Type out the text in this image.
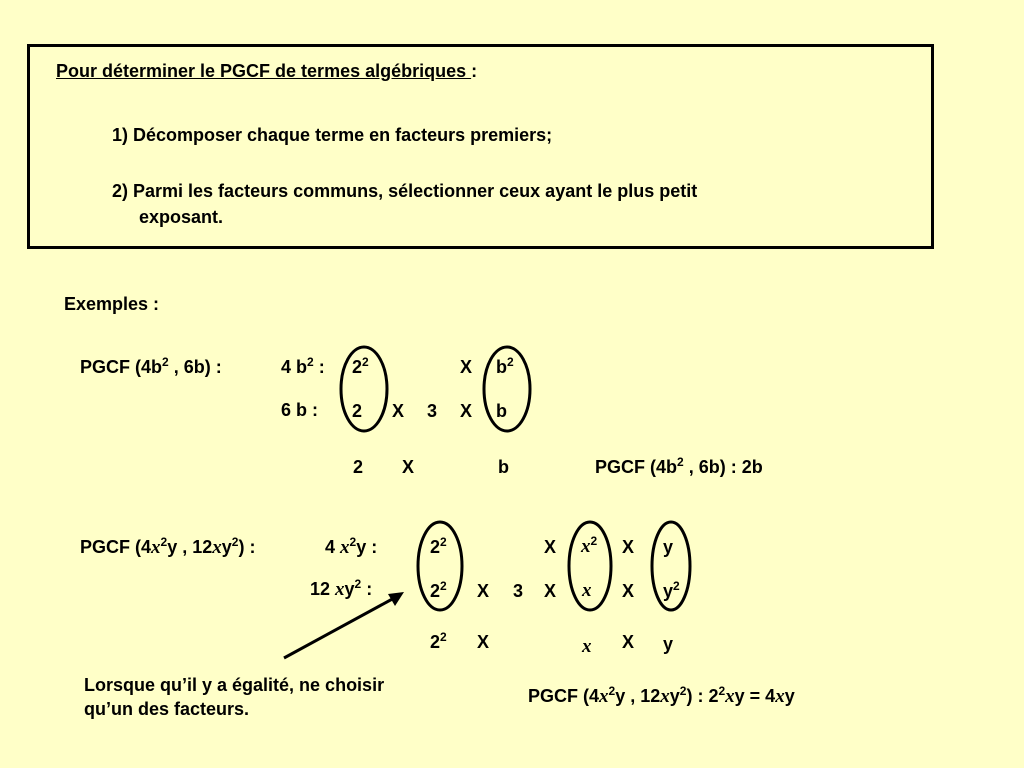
Pour déterminer le PGCF de termes algébriques :
1) Décomposer chaque terme en facteurs premiers;
2) Parmi les facteurs communs, sélectionner ceux ayant le plus petit
exposant.
Exemples :
PGCF ($4b^2$ , 6b) :	4 $b^2$ : $2^2$	X $b^2$
6 b : 2 X 3 X b
2 X	b	PGCF ($4b^2$ , 6b) : 2b
PGCF ($4x^2y$ , $12xy^2$) :	4 $x^2y$ :	$2^2$	X $x^2$ X y
12 $xy^2$ :	$2^2$ X 3 X x X $y^2$
$2^2$ X	x X y
Lorsque qu’il y a égalité, ne choisir
qu’un des facteurs.
PGCF ($4x^2y$ , $12xy^2$) : $2^2xy = 4xy$
